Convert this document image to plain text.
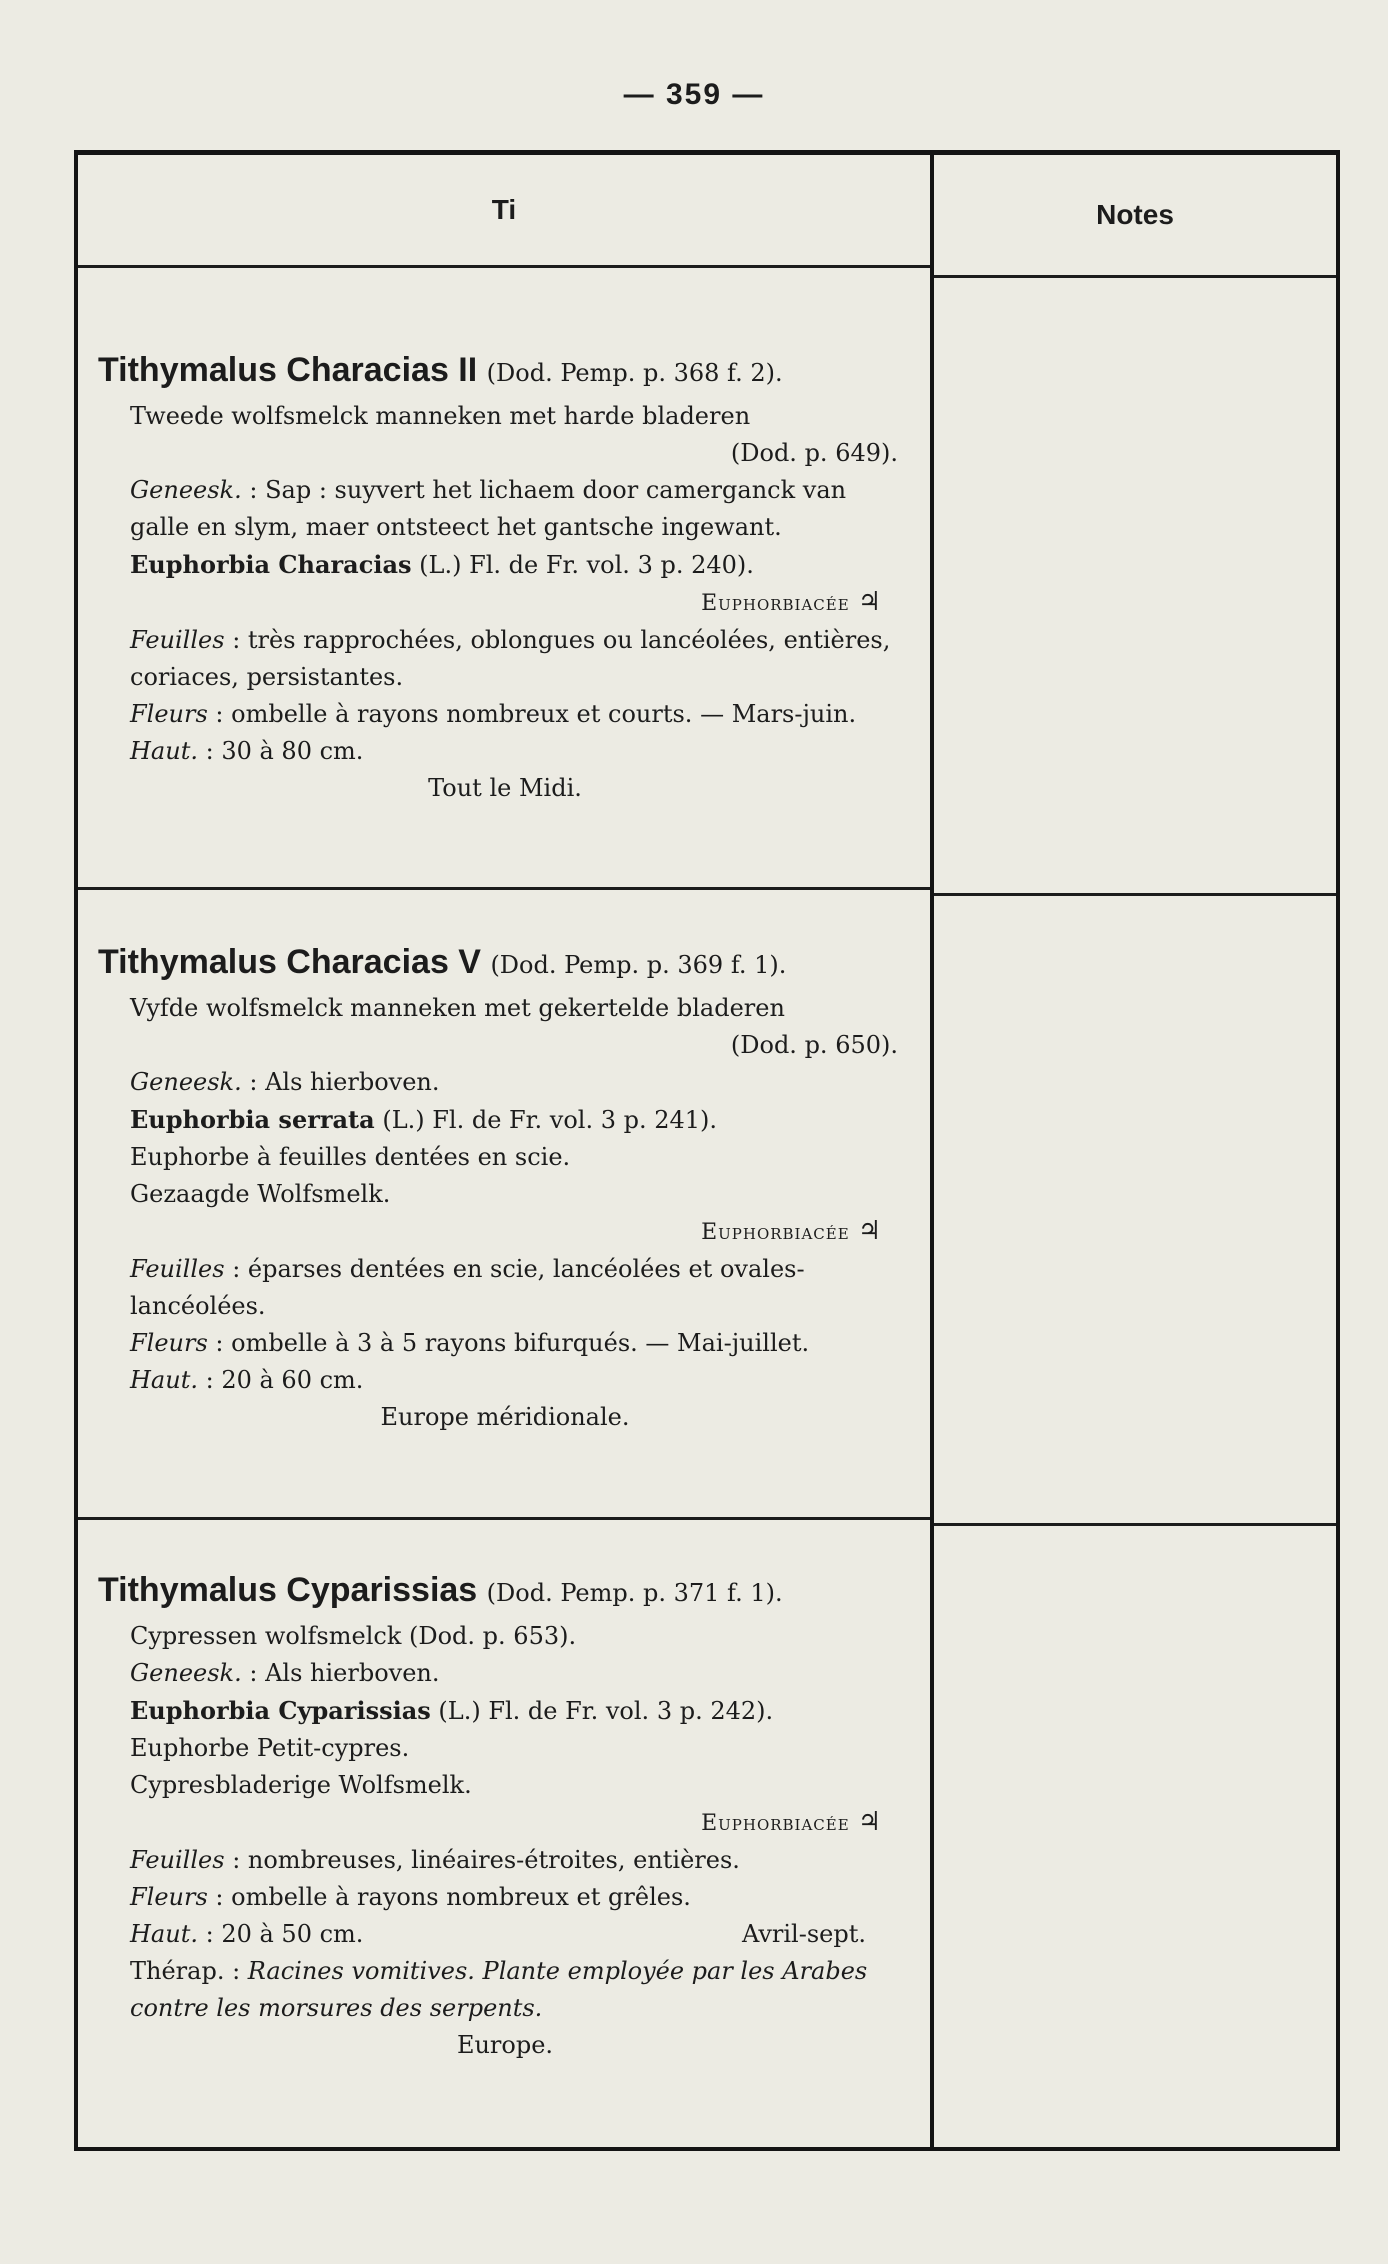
— 359 —
Ti

Tithymalus Characias II (Dod. Pemp. p. 368 f. 2).

Tweede wolfsmelck manneken met harde bladeren

(Dod. p. 649).

Geneesk. : Sap : suyvert het lichaem door camerganck van galle en slym, maer ontsteect het gantsche ingewant.

Euphorbia Characias (L.) Fl. de Fr. vol. 3 p. 240).

Euphorbiacée ♃

Feuilles : très rapprochées, oblongues ou lancéolées, entières, coriaces, persistantes.

Fleurs : ombelle à rayons nombreux et courts. — Mars-juin.

Haut. : 30 à 80 cm.

Tout le Midi.

Tithymalus Characias V (Dod. Pemp. p. 369 f. 1).

Vyfde wolfsmelck manneken met gekertelde bladeren

(Dod. p. 650).

Geneesk. : Als hierboven.

Euphorbia serrata (L.) Fl. de Fr. vol. 3 p. 241).

Euphorbe à feuilles dentées en scie.

Gezaagde Wolfsmelk.

Euphorbiacée ♃

Feuilles : éparses dentées en scie, lancéolées et ovales-lancéolées.

Fleurs : ombelle à 3 à 5 rayons bifurqués. — Mai-juillet.

Haut. : 20 à 60 cm.

Europe méridionale.

Tithymalus Cyparissias (Dod. Pemp. p. 371 f. 1).

Cypressen wolfsmelck (Dod. p. 653).

Geneesk. : Als hierboven.

Euphorbia Cyparissias (L.) Fl. de Fr. vol. 3 p. 242).

Euphorbe Petit-cypres.

Cypresbladerige Wolfsmelk.

Euphorbiacée ♃

Feuilles : nombreuses, linéaires-étroites, entières.

Fleurs : ombelle à rayons nombreux et grêles.

Haut. : 20 à 50 cm.	Avril-sept.

Thérap. : Racines vomitives. Plante employée par les Arabes contre les morsures des serpents.

Europe.

Notes
